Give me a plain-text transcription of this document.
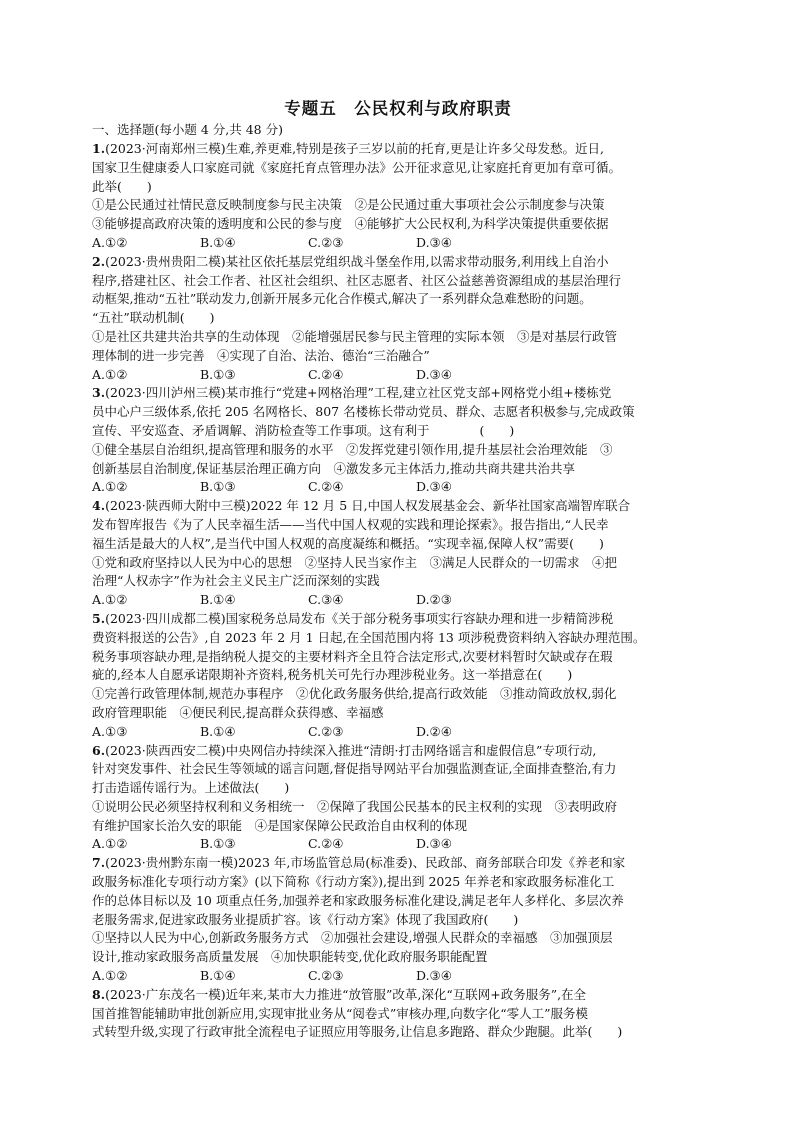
专题五　公民权利与政府职责
一、选择题(每小题 4 分,共 48 分)
1.(2023·河南郑州三模)生难,养更难,特别是孩子三岁以前的托育,更是让许多父母发愁。近日,
国家卫生健康委人口家庭司就《家庭托育点管理办法》公开征求意见,让家庭托育更加有章可循。
此举(　　)
①是公民通过社情民意反映制度参与民主决策　②是公民通过重大事项社会公示制度参与决策
③能够提高政府决策的透明度和公民的参与度　④能够扩大公民权利,为科学决策提供重要依据
A.①②	B.①④	C.②③	D.③④
2.(2023·贵州贵阳二模)某社区依托基层党组织战斗堡垒作用,以需求带动服务,利用线上自治小
程序,搭建社区、社会工作者、社区社会组织、社区志愿者、社区公益慈善资源组成的基层治理行
动框架,推动“五社”联动发力,创新开展多元化合作模式,解决了一系列群众急难愁盼的问题。
“五社”联动机制(　　)
①是社区共建共治共享的生动体现　②能增强居民参与民主管理的实际本领　③是对基层行政管
理体制的进一步完善　④实现了自治、法治、德治“三治融合”
A.①②	B.①③	C.②④	D.③④
3.(2023·四川泸州三模)某市推行“党建+网格治理”工程,建立社区党支部+网格党小组+楼栋党
员中心户三级体系,依托 205 名网格长、807 名楼栋长带动党员、群众、志愿者积极参与,完成政策
宣传、平安巡查、矛盾调解、消防检查等工作事项。这有利于　　　　(　　)
①健全基层自治组织,提高管理和服务的水平　②发挥党建引领作用,提升基层社会治理效能　③
创新基层自治制度,保证基层治理正确方向　④激发多元主体活力,推动共商共建共治共享
A.①②	B.①③	C.②④	D.③④
4.(2023·陕西师大附中三模)2022 年 12 月 5 日,中国人权发展基金会、新华社国家高端智库联合
发布智库报告《为了人民幸福生活——当代中国人权观的实践和理论探索》。报告指出,“人民幸
福生活是最大的人权”,是当代中国人权观的高度凝练和概括。“实现幸福,保障人权”需要(　　)
①党和政府坚持以人民为中心的思想　②坚持人民当家作主　③满足人民群众的一切需求　④把
治理“人权赤字”作为社会主义民主广泛而深刻的实践
A.①②	B.①④	C.③④	D.②③
5.(2023·四川成都二模)国家税务总局发布《关于部分税务事项实行容缺办理和进一步精简涉税
费资料报送的公告》,自 2023 年 2 月 1 日起,在全国范围内将 13 项涉税费资料纳入容缺办理范围。
税务事项容缺办理,是指纳税人提交的主要材料齐全且符合法定形式,次要材料暂时欠缺或存在瑕
疵的,经本人自愿承诺限期补齐资料,税务机关可先行办理涉税业务。这一举措意在(　　)
①完善行政管理体制,规范办事程序　②优化政务服务供给,提高行政效能　③推动简政放权,弱化
政府管理职能　④便民利民,提高群众获得感、幸福感
A.①③	B.①④	C.②③	D.②④
6.(2023·陕西西安二模)中央网信办持续深入推进“清朗·打击网络谣言和虚假信息”专项行动,
针对突发事件、社会民生等领域的谣言问题,督促指导网站平台加强监测查证,全面排查整治,有力
打击造谣传谣行为。上述做法(　　)
①说明公民必须坚持权利和义务相统一　②保障了我国公民基本的民主权利的实现　③表明政府
有维护国家长治久安的职能　④是国家保障公民政治自由权利的体现
A.①②	B.①③	C.②④	D.③④
7.(2023·贵州黔东南一模)2023 年,市场监管总局(标准委)、民政部、商务部联合印发《养老和家
政服务标准化专项行动方案》(以下简称《行动方案》),提出到 2025 年养老和家政服务标准化工
作的总体目标以及 10 项重点任务,加强养老和家政服务标准化建设,满足老年人多样化、多层次养
老服务需求,促进家政服务业提质扩容。该《行动方案》体现了我国政府(　　)
①坚持以人民为中心,创新政务服务方式　②加强社会建设,增强人民群众的幸福感　③加强顶层
设计,推动家政服务高质量发展　④加快职能转变,优化政府服务职能配置
A.①②	B.①④	C.②③	D.③④
8.(2023·广东茂名一模)近年来,某市大力推进“放管服”改革,深化“互联网+政务服务”,在全
国首推智能辅助审批创新应用,实现审批业务从“阅卷式”审核办理,向数字化“零人工”服务模
式转型升级,实现了行政审批全流程电子证照应用等服务,让信息多跑路、群众少跑腿。此举(　　)
